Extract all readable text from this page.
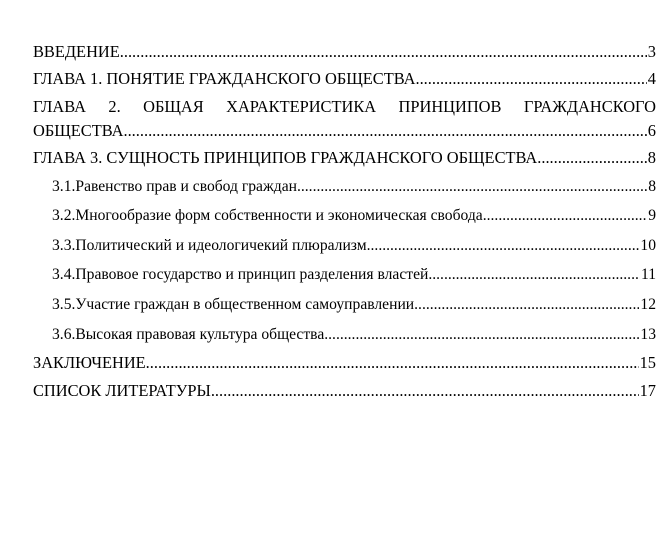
ВВЕДЕНИЕ .....	3
ГЛАВА 1. ПОНЯТИЕ ГРАЖДАНСКОГО ОБЩЕСТВА .....	4
ГЛАВА 2. ОБЩАЯ ХАРАКТЕРИСТИКА ПРИНЦИПОВ ГРАЖДАНСКОГО
ОБЩЕСТВА .....	6
ГЛАВА 3. СУЩНОСТЬ ПРИНЦИПОВ ГРАЖДАНСКОГО ОБЩЕСТВА .....	8
3.1. Равенство прав и свобод граждан .....	8
3.2. Многообразие форм собственности и экономическая свобода .....	9
3.3. Политический и идеологичекий плюрализм .....	10
3.4. Правовое государство и принцип разделения властей .....	11
3.5. Участие граждан в общественном самоуправлении .....	12
3.6. Высокая правовая культура общества .....	13
ЗАКЛЮЧЕНИЕ .....	15
СПИСОК ЛИТЕРАТУРЫ .....	17
